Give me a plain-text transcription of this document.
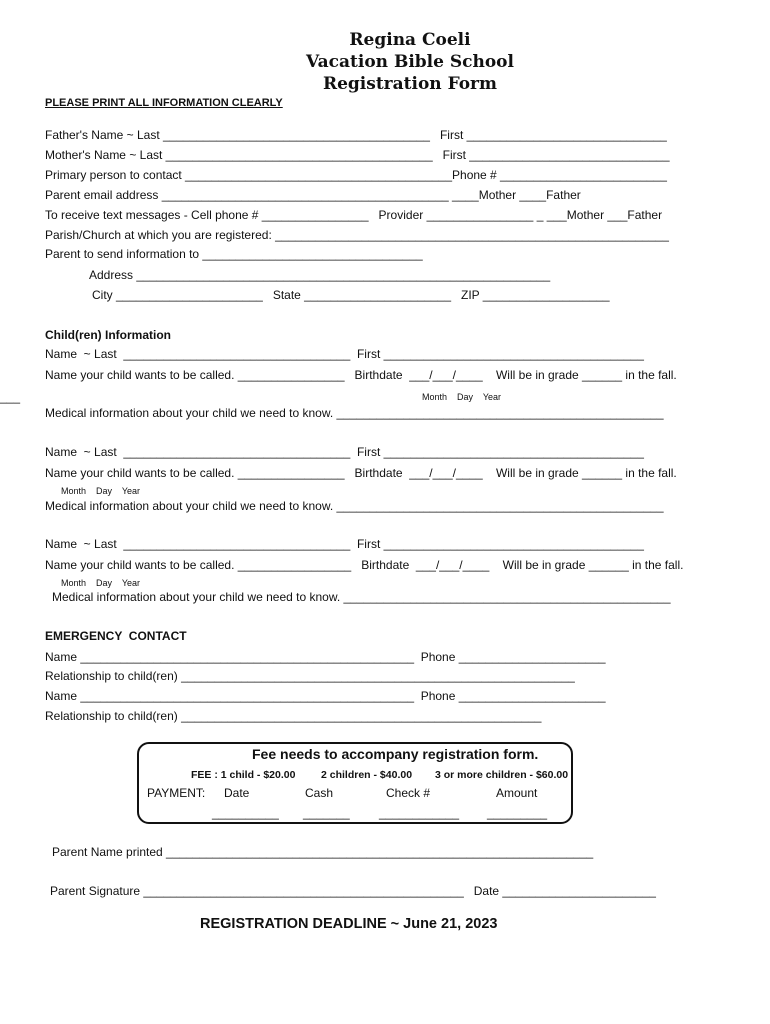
Regina Coeli
Vacation Bible School
Registration Form
PLEASE PRINT ALL INFORMATION CLEARLY
Father's Name ~ Last ________________________________________   First ______________________________
Mother's Name ~ Last ________________________________________   First ______________________________
Primary person to contact ________________________________________Phone # _________________________
Parent email address ___________________________________________ ____Mother ____Father
To receive text messages - Cell phone # ________________   Provider ________________ _ ___Mother ___Father
Parish/Church at which you are registered: ___________________________________________________________
Parent to send information to _________________________________
Address ______________________________________________________________
City ______________________   State ______________________   ZIP ___________________
Child(ren) Information
Name  ~ Last  __________________________________  First _______________________________________
Name your child wants to be called. ________________   Birthdate  ___/___/____    Will be in grade ______ in the fall.
Month    Day    Year
___
Medical information about your child we need to know. _________________________________________________
Name  ~ Last  __________________________________  First _______________________________________
Name your child wants to be called. ________________   Birthdate  ___/___/____    Will be in grade ______ in the fall.
Month    Day    Year
Medical information about your child we need to know. _________________________________________________
Name  ~ Last  __________________________________  First _______________________________________
Name your child wants to be called. _________________   Birthdate  ___/___/____    Will be in grade ______ in the fall.
Month    Day    Year
Medical information about your child we need to know. _________________________________________________
EMERGENCY  CONTACT
Name __________________________________________________  Phone ______________________
Relationship to child(ren) ___________________________________________________________
Name __________________________________________________  Phone ______________________
Relationship to child(ren) ______________________________________________________
Fee needs to accompany registration form.
FEE : 1 child - $20.00 2 children - $40.00 3 or more children - $60.00
PAYMENT: Date	Cash	Check #	Amount
__________ _______ ____________ _________
Parent Name printed ________________________________________________________________
Parent Signature ________________________________________________   Date _______________________
REGISTRATION DEADLINE ~ June 21, 2023
